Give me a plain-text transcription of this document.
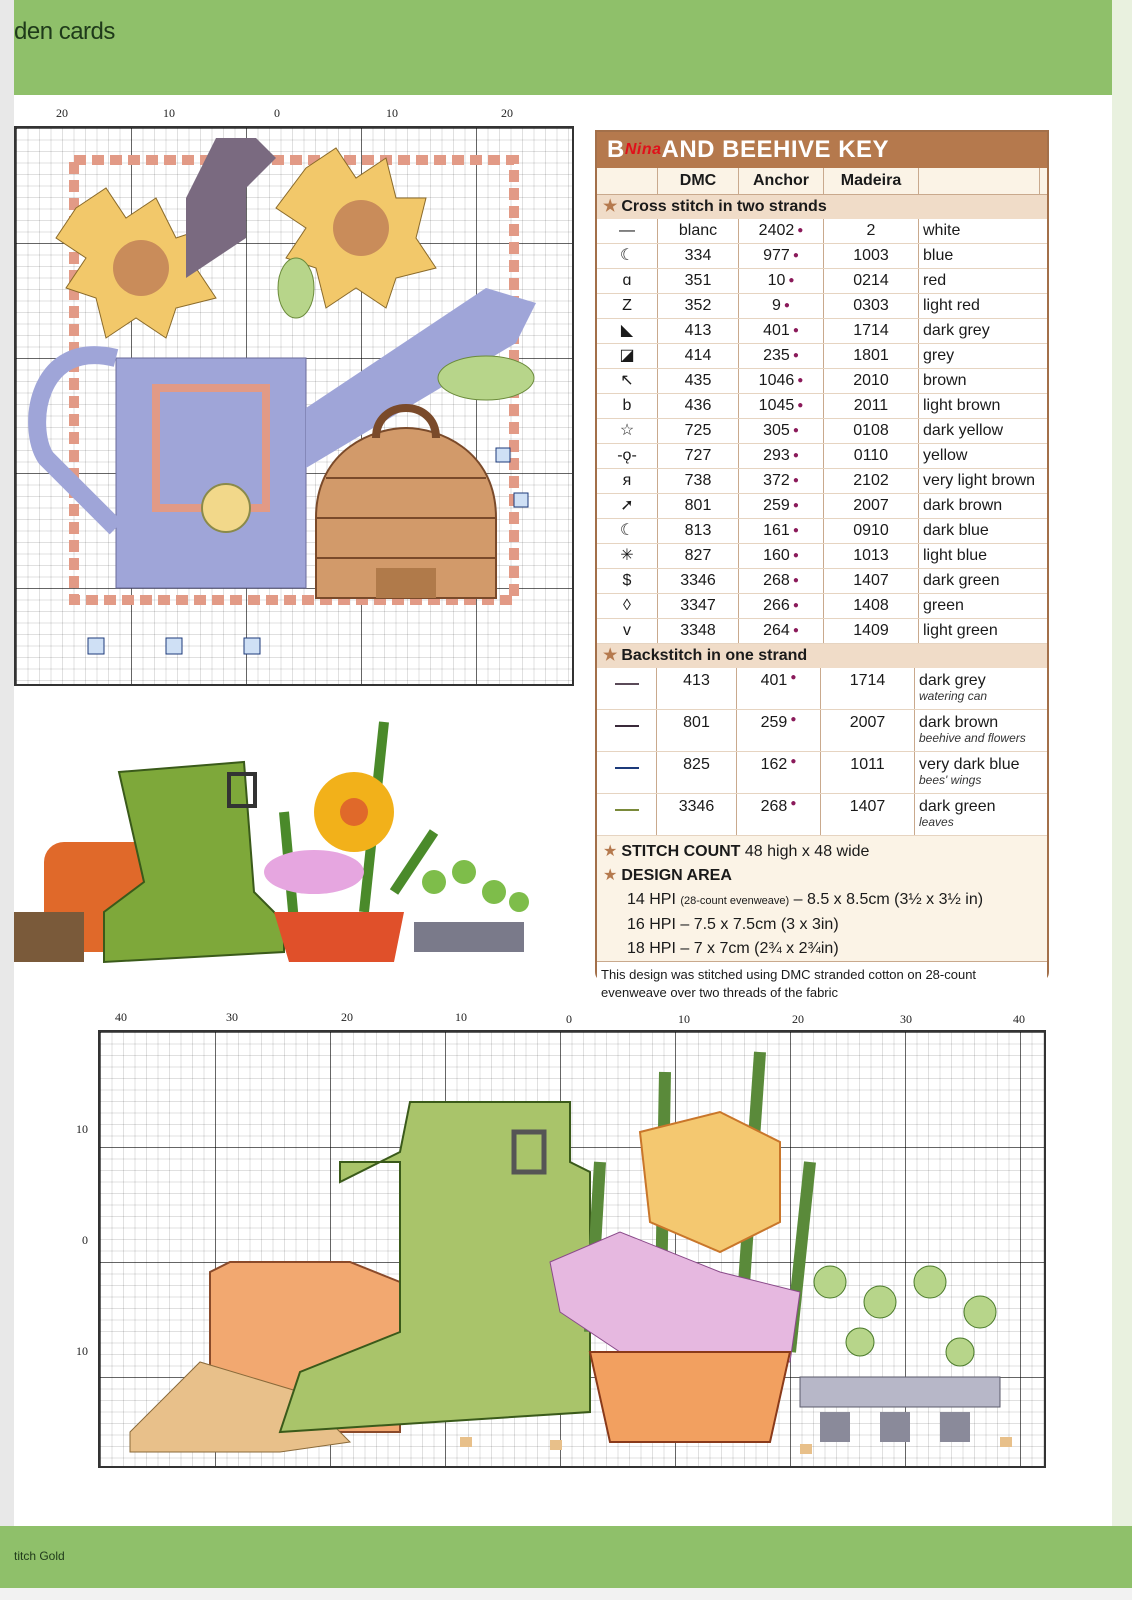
den cards
titch Gold
20	10	0	10	20
$B^{Nina}AND$ BEEHIVE KEY
DMC	Anchor	Madeira
★ Cross stitch in two strands
—	blanc	2402 ●	2	white
☾	334	977 ●	1003	blue
ɑ	351	10 ●	0214	red
Z	352	9 ●	0303	light red
◣	413	401 ●	1714	dark grey
◪	414	235 ●	1801	grey
↖	435	1046 ●	2010	brown
b	436	1045 ●	2011	light brown
☆	725	305 ●	0108	dark yellow
-ǫ-	727	293 ●	0110	yellow
я	738	372 ●	2102	very light brown
➚	801	259 ●	2007	dark brown
☾	813	161 ●	0910	dark blue
✳	827	160 ●	1013	light blue
$	3346	268 ●	1407	dark green
◊	3347	266 ●	1408	green
v	3348	264 ●	1409	light green
★ Backstitch in one strand
413	401 ●	1714	dark grey
watering can
801	259 ●	2007	dark brown
beehive and flowers
825	162 ●	1011	very dark blue
bees' wings
3346	268 ●	1407	dark green
leaves
★ STITCH COUNT 48 high x 48 wide
★ DESIGN AREA
14 HPI (28-count evenweave) – 8.5 x 8.5cm (3½ x 3½ in)
16 HPI – 7.5 x 7.5cm (3 x 3in)
18 HPI – 7 x 7cm (2¾ x 2¾in)
This design was stitched using DMC stranded cotton on 28-count evenweave over two threads of the fabric
40	30	20	10	0	10	20	30	40
10
0
10
